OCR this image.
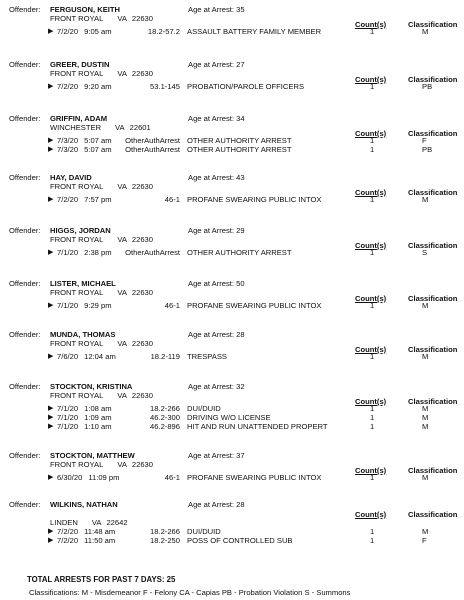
Offender: FERGUSON, KEITH	Age at Arrest: 35
FRONT ROYAL VA 22630
Count(s)	Classification
▶ 7/2/20 9:05 am	18.2-57.2 ASSAULT BATTERY FAMILY MEMBER	1	M
Offender: GREER, DUSTIN	Age at Arrest: 27
FRONT ROYAL VA 22630
Count(s)	Classification
▶ 7/2/20 9:20 am	53.1-145 PROBATION/PAROLE OFFICERS	1	PB
Offender: GRIFFIN, ADAM	Age at Arrest: 34
WINCHESTER VA 22601
Count(s)	Classification
▶ 7/3/20 5:07 am	OtherAuthArrest OTHER AUTHORITY ARREST	1	F
▶ 7/3/20 5:07 am	OtherAuthArrest OTHER AUTHORITY ARREST	1	PB
Offender: HAY, DAVID	Age at Arrest: 43
FRONT ROYAL VA 22630
Count(s)	Classification
▶ 7/2/20 7:57 pm	46-1 PROFANE SWEARING PUBLIC INTOX	1	M
Offender: HIGGS, JORDAN	Age at Arrest: 29
FRONT ROYAL VA 22630
Count(s)	Classification
▶ 7/1/20 2:38 pm	OtherAuthArrest OTHER AUTHORITY ARREST	1	S
Offender: LISTER, MICHAEL	Age at Arrest: 50
FRONT ROYAL VA 22630
Count(s)	Classification
▶ 7/1/20 9:29 pm	46-1 PROFANE SWEARING PUBLIC INTOX	1	M
Offender: MUNDA, THOMAS	Age at Arrest: 28
FRONT ROYAL VA 22630
Count(s)	Classification
▶ 7/6/20 12:04 am	18.2-119 TRESPASS	1	M
Offender: STOCKTON, KRISTINA	Age at Arrest: 32
FRONT ROYAL VA 22630
Count(s)	Classification
▶ 7/1/20 1:08 am	18.2-266 DUI/DUID	1	M
▶ 7/1/20 1:09 am	46.2-300 DRIVING W/O LICENSE	1	M
▶ 7/1/20 1:10 am	46.2-896 HIT AND RUN UNATTENDED PROPERT	1	M
Offender: STOCKTON, MATTHEW	Age at Arrest: 37
FRONT ROYAL VA 22630
Count(s)	Classification
▶ 6/30/20 11:09 pm	46-1 PROFANE SWEARING PUBLIC INTOX	1	M
Offender: WILKINS, NATHAN	Age at Arrest: 28
LINDEN VA 22642
Count(s)	Classification
▶ 7/2/20 11:48 am	18.2-266 DUI/DUID	1	M
▶ 7/2/20 11:50 am	18.2-250 POSS OF CONTROLLED SUB	1	F
TOTAL ARRESTS FOR PAST 7 DAYS: 25
Classifications: M - Misdemeanor F - Felony CA - Capias PB - Probation Violation S - Summons
